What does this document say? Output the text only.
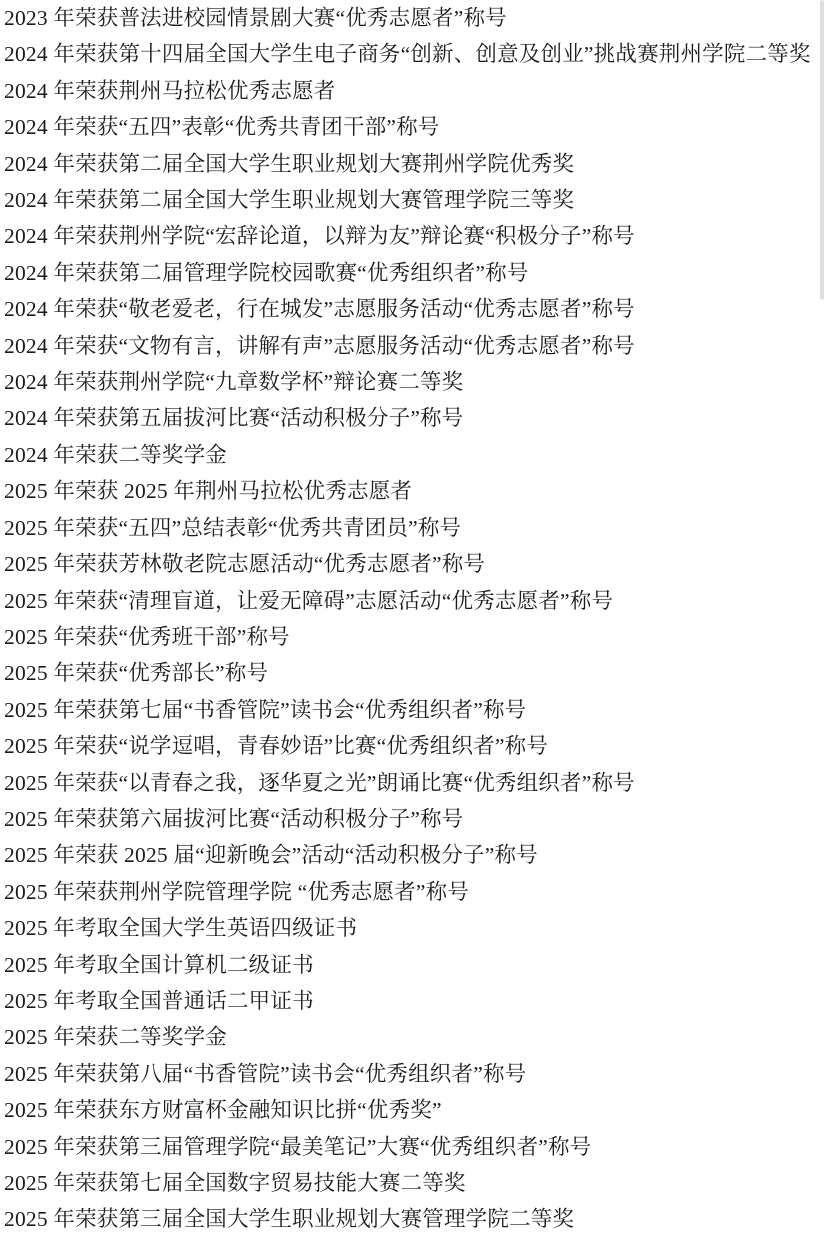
2023 年荣获普法进校园情景剧大赛“优秀志愿者”称号

2024 年荣获第十四届全国大学生电子商务“创新、创意及创业”挑战赛荆州学院二等奖

2024 年荣获荆州马拉松优秀志愿者

2024 年荣获“五四”表彰“优秀共青团干部”称号

2024 年荣获第二届全国大学生职业规划大赛荆州学院优秀奖

2024 年荣获第二届全国大学生职业规划大赛管理学院三等奖

2024 年荣获荆州学院“宏辞论道，以辩为友”辩论赛“积极分子”称号

2024 年荣获第二届管理学院校园歌赛“优秀组织者”称号

2024 年荣获“敬老爱老，行在城发”志愿服务活动“优秀志愿者”称号

2024 年荣获“文物有言，讲解有声”志愿服务活动“优秀志愿者”称号

2024 年荣获荆州学院“九章数学杯”辩论赛二等奖

2024 年荣获第五届拔河比赛“活动积极分子”称号

2024 年荣获二等奖学金

2025 年荣获 2025 年荆州马拉松优秀志愿者

2025 年荣获“五四”总结表彰“优秀共青团员”称号

2025 年荣获芳林敬老院志愿活动“优秀志愿者”称号

2025 年荣获“清理盲道，让爱无障碍”志愿活动“优秀志愿者”称号

2025 年荣获“优秀班干部”称号

2025 年荣获“优秀部长”称号

2025 年荣获第七届“书香管院”读书会“优秀组织者”称号

2025 年荣获“说学逗唱，青春妙语”比赛“优秀组织者”称号

2025 年荣获“以青春之我，逐华夏之光”朗诵比赛“优秀组织者”称号

2025 年荣获第六届拔河比赛“活动积极分子”称号

2025 年荣获 2025 届“迎新晚会”活动“活动积极分子”称号

2025 年荣获荆州学院管理学院 “优秀志愿者”称号

2025 年考取全国大学生英语四级证书

2025 年考取全国计算机二级证书

2025 年考取全国普通话二甲证书

2025 年荣获二等奖学金

2025 年荣获第八届“书香管院”读书会“优秀组织者”称号

2025 年荣获东方财富杯金融知识比拼“优秀奖”

2025 年荣获第三届管理学院“最美笔记”大赛“优秀组织者”称号

2025 年荣获第七届全国数字贸易技能大赛二等奖

2025 年荣获第三届全国大学生职业规划大赛管理学院二等奖
